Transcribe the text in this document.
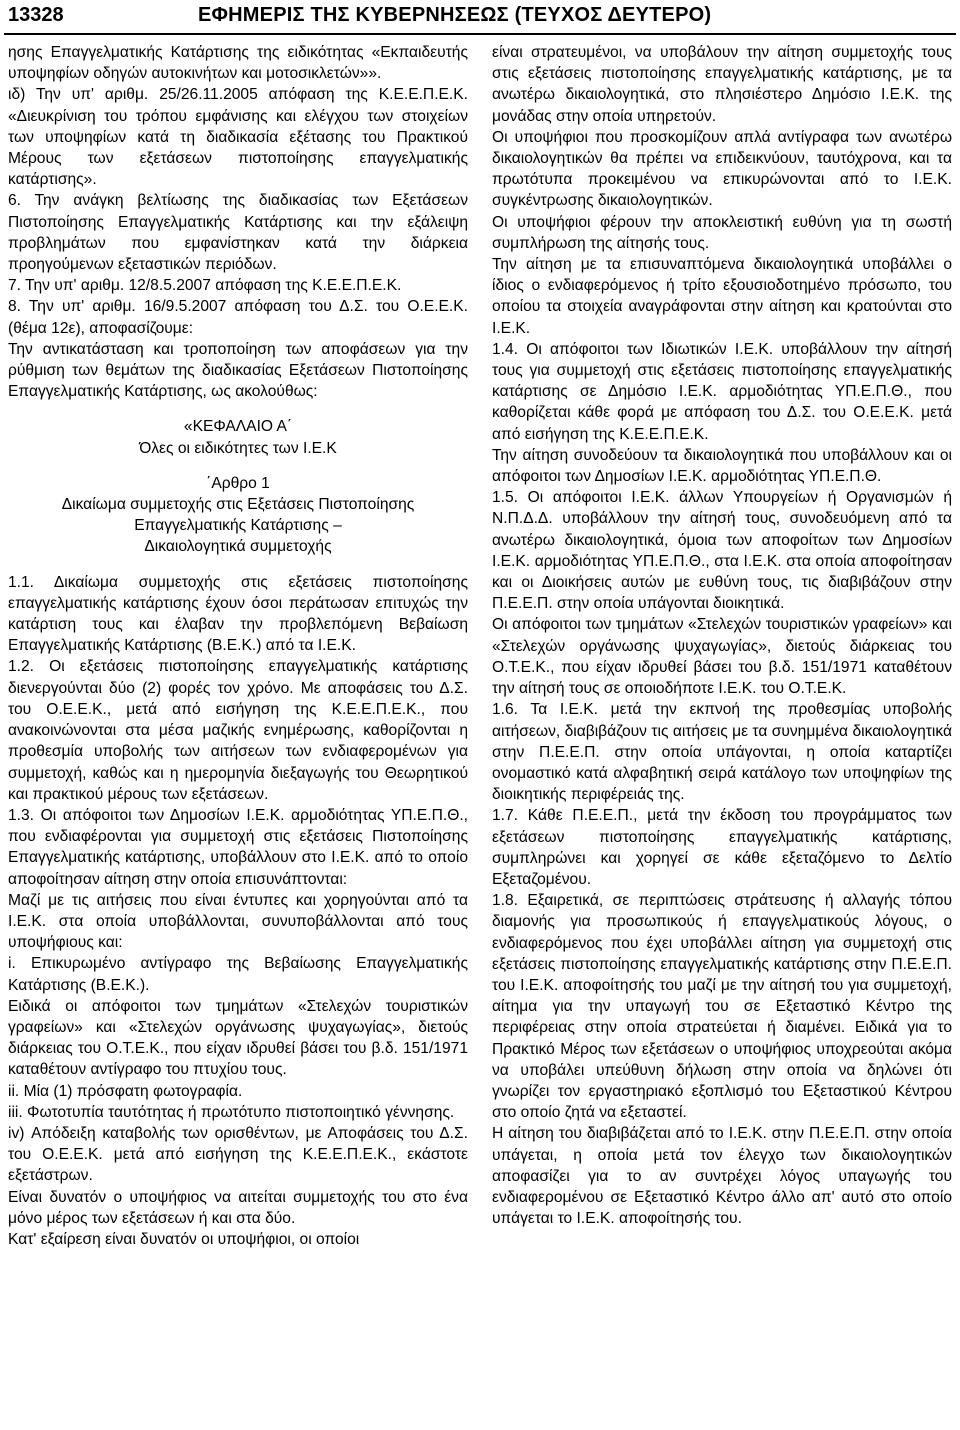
13328	ΕΦΗΜΕΡΙΣ ΤΗΣ ΚΥΒΕΡΝΗΣΕΩΣ (ΤΕΥΧΟΣ ΔΕΥΤΕΡΟ)

ησης Επαγγελματικής Κατάρτισης της ειδικότητας «Εκπαιδευτής υποψηφίων οδηγών αυτοκινήτων και μοτοσικλετών»».

ιδ) Την υπ' αριθμ. 25/26.11.2005 απόφαση της Κ.Ε.Ε.Π.Ε.Κ. «Διευκρίνιση του τρόπου εμφάνισης και ελέγχου των στοιχείων των υποψηφίων κατά τη διαδικασία εξέτασης του Πρακτικού Μέρους των εξετάσεων πιστοποίησης επαγγελματικής κατάρτισης».

6. Την ανάγκη βελτίωσης της διαδικασίας των Εξετάσεων Πιστοποίησης Επαγγελματικής Κατάρτισης και την εξάλειψη προβλημάτων που εμφανίστηκαν κατά την διάρκεια προηγούμενων εξεταστικών περιόδων.

7. Την υπ' αριθμ. 12/8.5.2007 απόφαση της Κ.Ε.Ε.Π.Ε.Κ.

8. Την υπ' αριθμ. 16/9.5.2007 απόφαση του Δ.Σ. του Ο.Ε.Ε.Κ. (θέμα 12ε), αποφασίζουμε:

Την αντικατάσταση και τροποποίηση των αποφάσεων για την ρύθμιση των θεμάτων της διαδικασίας Εξετάσεων Πιστοποίησης Επαγγελματικής Κατάρτισης, ως ακολούθως:

«ΚΕΦΑΛΑΙΟ Α΄

Όλες οι ειδικότητες των Ι.Ε.Κ

΄Αρθρο 1

Δικαίωμα συμμετοχής στις Εξετάσεις Πιστοποίησης

Επαγγελματικής Κατάρτισης –

Δικαιολογητικά συμμετοχής

1.1. Δικαίωμα συμμετοχής στις εξετάσεις πιστοποίησης επαγγελματικής κατάρτισης έχουν όσοι περάτωσαν επιτυχώς την κατάρτιση τους και έλαβαν την προβλεπόμενη Βεβαίωση Επαγγελματικής Κατάρτισης (Β.Ε.Κ.) από τα Ι.Ε.Κ.

1.2. Οι εξετάσεις πιστοποίησης επαγγελματικής κατάρτισης διενεργούνται δύο (2) φορές τον χρόνο. Με αποφάσεις του Δ.Σ. του Ο.Ε.Ε.Κ., μετά από εισήγηση της Κ.Ε.Ε.Π.Ε.Κ., που ανακοινώνονται στα μέσα μαζικής ενημέρωσης, καθορίζονται η προθεσμία υποβολής των αιτήσεων των ενδιαφερομένων για συμμετοχή, καθώς και η ημερομηνία διεξαγωγής του Θεωρητικού και πρακτικού μέρους των εξετάσεων.

1.3. Οι απόφοιτοι των Δημοσίων Ι.Ε.Κ. αρμοδιότητας ΥΠ.Ε.Π.Θ., που ενδιαφέρονται για συμμετοχή στις εξετάσεις Πιστοποίησης Επαγγελματικής κατάρτισης, υποβάλλουν στο Ι.Ε.Κ. από το οποίο αποφοίτησαν αίτηση στην οποία επισυνάπτονται:

Μαζί με τις αιτήσεις που είναι έντυπες και χορηγούνται από τα Ι.Ε.Κ. στα οποία υποβάλλονται, συνυποβάλλονται από τους υποψήφιους και:

i. Επικυρωμένο αντίγραφο της Βεβαίωσης Επαγγελματικής Κατάρτισης (Β.Ε.Κ.).

Ειδικά οι απόφοιτοι των τμημάτων «Στελεχών τουριστικών γραφείων» και «Στελεχών οργάνωσης ψυχαγωγίας», διετούς διάρκειας του Ο.Τ.Ε.Κ., που είχαν ιδρυθεί βάσει του β.δ. 151/1971 καταθέτουν αντίγραφο του πτυχίου τους.

ii. Μία (1) πρόσφατη φωτογραφία.

iii. Φωτοτυπία ταυτότητας ή πρωτότυπο πιστοποιητικό γέννησης.

iv) Απόδειξη καταβολής των ορισθέντων, με Αποφάσεις του Δ.Σ. του Ο.Ε.Ε.Κ. μετά από εισήγηση της Κ.Ε.Ε.Π.Ε.Κ., εκάστοτε εξετάστρων.

Είναι δυνατόν ο υποψήφιος να αιτείται συμμετοχής του στο ένα μόνο μέρος των εξετάσεων ή και στα δύο.

Κατ' εξαίρεση είναι δυνατόν οι υποψήφιοι, οι οποίοι

είναι στρατευμένοι, να υποβάλουν την αίτηση συμμετοχής τους στις εξετάσεις πιστοποίησης επαγγελματικής κατάρτισης, με τα ανωτέρω δικαιολογητικά, στο πλησιέστερο Δημόσιο Ι.Ε.Κ. της μονάδας στην οποία υπηρετούν.

Οι υποψήφιοι που προσκομίζουν απλά αντίγραφα των ανωτέρω δικαιολογητικών θα πρέπει να επιδεικνύουν, ταυτόχρονα, και τα πρωτότυπα προκειμένου να επικυρώνονται από το Ι.Ε.Κ. συγκέντρωσης δικαιολογητικών.

Οι υποψήφιοι φέρουν την αποκλειστική ευθύνη για τη σωστή συμπλήρωση της αίτησής τους.

Την αίτηση με τα επισυναπτόμενα δικαιολογητικά υποβάλλει ο ίδιος ο ενδιαφερόμενος ή τρίτο εξουσιοδοτημένο πρόσωπο, του οποίου τα στοιχεία αναγράφονται στην αίτηση και κρατούνται στο Ι.Ε.Κ.

1.4. Οι απόφοιτοι των Ιδιωτικών Ι.Ε.Κ. υποβάλλουν την αίτησή τους για συμμετοχή στις εξετάσεις πιστοποίησης επαγγελματικής κατάρτισης σε Δημόσιο Ι.Ε.Κ. αρμοδιότητας ΥΠ.Ε.Π.Θ., που καθορίζεται κάθε φορά με απόφαση του Δ.Σ. του Ο.Ε.Ε.Κ. μετά από εισήγηση της Κ.Ε.Ε.Π.Ε.Κ.

Την αίτηση συνοδεύουν τα δικαιολογητικά που υποβάλλουν και οι απόφοιτοι των Δημοσίων Ι.Ε.Κ. αρμοδιότητας ΥΠ.Ε.Π.Θ.

1.5. Οι απόφοιτοι Ι.Ε.Κ. άλλων Υπουργείων ή Οργανισμών ή Ν.Π.Δ.Δ. υποβάλλουν την αίτησή τους, συνοδευόμενη από τα ανωτέρω δικαιολογητικά, όμοια των αποφοίτων των Δημοσίων Ι.Ε.Κ. αρμοδιότητας ΥΠ.Ε.Π.Θ., στα Ι.Ε.Κ. στα οποία αποφοίτησαν και οι Διοικήσεις αυτών με ευθύνη τους, τις διαβιβάζουν στην Π.Ε.Ε.Π. στην οποία υπάγονται διοικητικά.

Οι απόφοιτοι των τμημάτων «Στελεχών τουριστικών γραφείων» και «Στελεχών οργάνωσης ψυχαγωγίας», διετούς διάρκειας του Ο.Τ.Ε.Κ., που είχαν ιδρυθεί βάσει του β.δ. 151/1971 καταθέτουν την αίτησή τους σε οποιοδήποτε Ι.Ε.Κ. του Ο.Τ.Ε.Κ.

1.6. Τα Ι.Ε.Κ. μετά την εκπνοή της προθεσμίας υποβολής αιτήσεων, διαβιβάζουν τις αιτήσεις με τα συνημμένα δικαιολογητικά στην Π.Ε.Ε.Π. στην οποία υπάγονται, η οποία καταρτίζει ονομαστικό κατά αλφαβητική σειρά κατάλογο των υποψηφίων της διοικητικής περιφέρειάς της.

1.7. Κάθε Π.Ε.Ε.Π., μετά την έκδοση του προγράμματος των εξετάσεων πιστοποίησης επαγγελματικής κατάρτισης, συμπληρώνει και χορηγεί σε κάθε εξεταζόμενο το Δελτίο Εξεταζομένου.

1.8. Εξαιρετικά, σε περιπτώσεις στράτευσης ή αλλαγής τόπου διαμονής για προσωπικούς ή επαγγελματικούς λόγους, ο ενδιαφερόμενος που έχει υποβάλλει αίτηση για συμμετοχή στις εξετάσεις πιστοποίησης επαγγελματικής κατάρτισης στην Π.Ε.Ε.Π. του Ι.Ε.Κ. αποφοίτησής του μαζί με την αίτησή του για συμμετοχή, αίτημα για την υπαγωγή του σε Εξεταστικό Κέντρο της περιφέρειας στην οποία στρατεύεται ή διαμένει. Ειδικά για το Πρακτικό Μέρος των εξετάσεων ο υποψήφιος υποχρεούται ακόμα να υποβάλει υπεύθυνη δήλωση στην οποία να δηλώνει ότι γνωρίζει τον εργαστηριακό εξοπλισμό του Εξεταστικού Κέντρου στο οποίο ζητά να εξεταστεί.

Η αίτηση του διαβιβάζεται από το Ι.Ε.Κ. στην Π.Ε.Ε.Π. στην οποία υπάγεται, η οποία μετά τον έλεγχο των δικαιολογητικών αποφασίζει για το αν συντρέχει λόγος υπαγωγής του ενδιαφερομένου σε Εξεταστικό Κέντρο άλλο απ' αυτό στο οποίο υπάγεται το Ι.Ε.Κ. αποφοίτησής του.
